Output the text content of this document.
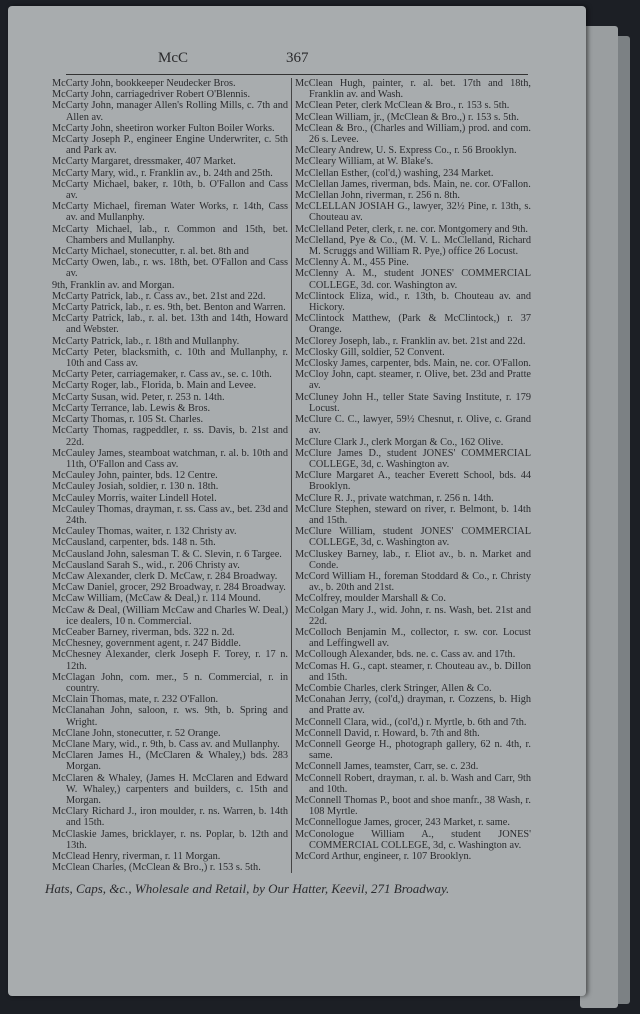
McC	367
McCarty John, bookkeeper Neudecker Bros.
McCarty John, carriagedriver Robert O'Blennis.
McCarty John, manager Allen's Rolling Mills, c. 7th and Allen av.
McCarty John, sheetiron worker Fulton Boiler Works.
McCarty Joseph P., engineer Engine Underwriter, c. 5th and Park av.
McCarty Margaret, dressmaker, 407 Market.
McCarty Mary, wid., r. Franklin av., b. 24th and 25th.
McCarty Michael, baker, r. 10th, b. O'Fallon and Cass av.
McCarty Michael, fireman Water Works, r. 14th, Cass av. and Mullanphy.
McCarty Michael, lab., r. Common and 15th, bet. Chambers and Mullanphy.
McCarty Michael, stonecutter, r. al. bet. 8th and
McCarty Owen, lab., r. ws. 18th, bet. O'Fallon and Cass av.
9th, Franklin av. and Morgan.
McCarty Patrick, lab., r. Cass av., bet. 21st and 22d.
McCarty Patrick, lab., r. es. 9th, bet. Benton and Warren.
McCarty Patrick, lab., r. al. bet. 13th and 14th, Howard and Webster.
McCarty Patrick, lab., r. 18th and Mullanphy.
McCarty Peter, blacksmith, c. 10th and Mullanphy, r. 10th and Cass av.
McCarty Peter, carriagemaker, r. Cass av., se. c. 10th.
McCarty Roger, lab., Florida, b. Main and Levee.
McCarty Susan, wid. Peter, r. 253 n. 14th.
McCarty Terrance, lab. Lewis & Bros.
McCarty Thomas, r. 105 St. Charles.
McCarty Thomas, ragpeddler, r. ss. Davis, b. 21st and 22d.
McCauley James, steamboat watchman, r. al. b. 10th and 11th, O'Fallon and Cass av.
McCauley John, painter, bds. 12 Centre.
McCauley Josiah, soldier, r. 130 n. 18th.
McCauley Morris, waiter Lindell Hotel.
McCauley Thomas, drayman, r. ss. Cass av., bet. 23d and 24th.
McCauley Thomas, waiter, r. 132 Christy av.
McCausland, carpenter, bds. 148 n. 5th.
McCausland John, salesman T. & C. Slevin, r. 6 Targee.
McCausland Sarah S., wid., r. 206 Christy av.
McCaw Alexander, clerk D. McCaw, r. 284 Broadway.
McCaw Daniel, grocer, 292 Broadway, r. 284 Broadway.
McCaw William, (McCaw & Deal,) r. 114 Mound.
McCaw & Deal, (William McCaw and Charles W. Deal,) ice dealers, 10 n. Commercial.
McCeaber Barney, riverman, bds. 322 n. 2d.
McChesney, government agent, r. 247 Biddle.
McChesney Alexander, clerk Joseph F. Torey, r. 17 n. 12th.
McClagan John, com. mer., 5 n. Commercial, r. in country.
McClain Thomas, mate, r. 232 O'Fallon.
McClanahan John, saloon, r. ws. 9th, b. Spring and Wright.
McClane John, stonecutter, r. 52 Orange.
McClane Mary, wid., r. 9th, b. Cass av. and Mullanphy.
McClaren James H., (McClaren & Whaley,) bds. 283 Morgan.
McClaren & Whaley, (James H. McClaren and Edward W. Whaley,) carpenters and builders, c. 15th and Morgan.
McClary Richard J., iron moulder, r. ns. Warren, b. 14th and 15th.
McClaskie James, bricklayer, r. ns. Poplar, b. 12th and 13th.
McClead Henry, riverman, r. 11 Morgan.
McClean Charles, (McClean & Bro.,) r. 153 s. 5th.
McClean Hugh, painter, r. al. bet. 17th and 18th, Franklin av. and Wash.
McClean Peter, clerk McClean & Bro., r. 153 s. 5th.
McClean William, jr., (McClean & Bro.,) r. 153 s. 5th.
McClean & Bro., (Charles and William,) prod. and com. 26 s. Levee.
McCleary Andrew, U. S. Express Co., r. 56 Brooklyn.
McCleary William, at W. Blake's.
McClellan Esther, (col'd,) washing, 234 Market.
McClellan James, riverman, bds. Main, ne. cor. O'Fallon.
McClellan John, riverman, r. 256 n. 8th.
McCLELLAN JOSIAH G., lawyer, 32½ Pine, r. 13th, s. Chouteau av.
McClelland Peter, clerk, r. ne. cor. Montgomery and 9th.
McClelland, Pye & Co., (M. V. L. McClelland, Richard M. Scruggs and William R. Pye,) office 26 Locust.
McClenny A. M., 455 Pine.
McClenny A. M., student JONES' COMMERCIAL COLLEGE, 3d. cor. Washington av.
McClintock Eliza, wid., r. 13th, b. Chouteau av. and Hickory.
McClintock Matthew, (Park & McClintock,) r. 37 Orange.
McClorey Joseph, lab., r. Franklin av. bet. 21st and 22d.
McClosky Gill, soldier, 52 Convent.
McClosky James, carpenter, bds. Main, ne. cor. O'Fallon.
McCloy John, capt. steamer, r. Olive, bet. 23d and Pratte av.
McCluney John H., teller State Saving Institute, r. 179 Locust.
McClure C. C., lawyer, 59½ Chesnut, r. Olive, c. Grand av.
McClure Clark J., clerk Morgan & Co., 162 Olive.
McClure James D., student JONES' COMMERCIAL COLLEGE, 3d, c. Washington av.
McClure Margaret A., teacher Everett School, bds. 44 Brooklyn.
McClure R. J., private watchman, r. 256 n. 14th.
McClure Stephen, steward on river, r. Belmont, b. 14th and 15th.
McClure William, student JONES' COMMERCIAL COLLEGE, 3d, c. Washington av.
McCluskey Barney, lab., r. Eliot av., b. n. Market and Conde.
McCord William H., foreman Stoddard & Co., r. Christy av., b. 20th and 21st.
McColfrey, moulder Marshall & Co.
McColgan Mary J., wid. John, r. ns. Wash, bet. 21st and 22d.
McColloch Benjamin M., collector, r. sw. cor. Locust and Leffingwell av.
McCollough Alexander, bds. ne. c. Cass av. and 17th.
McComas H. G., capt. steamer, r. Chouteau av., b. Dillon and 15th.
McCombie Charles, clerk Stringer, Allen & Co.
McConahan Jerry, (col'd,) drayman, r. Cozzens, b. High and Pratte av.
McConnell Clara, wid., (col'd,) r. Myrtle, b. 6th and 7th.
McConnell David, r. Howard, b. 7th and 8th.
McConnell George H., photograph gallery, 62 n. 4th, r. same.
McConnell James, teamster, Carr, se. c. 23d.
McConnell Robert, drayman, r. al. b. Wash and Carr, 9th and 10th.
McConnell Thomas P., boot and shoe manfr., 38 Wash, r. 108 Myrtle.
McConnellogue James, grocer, 243 Market, r. same.
McConologue William A., student JONES' COMMERCIAL COLLEGE, 3d, c. Washington av.
McCord Arthur, engineer, r. 107 Brooklyn.
Hats, Caps, &c., Wholesale and Retail, by Our Hatter, Keevil, 271 Broadway.
